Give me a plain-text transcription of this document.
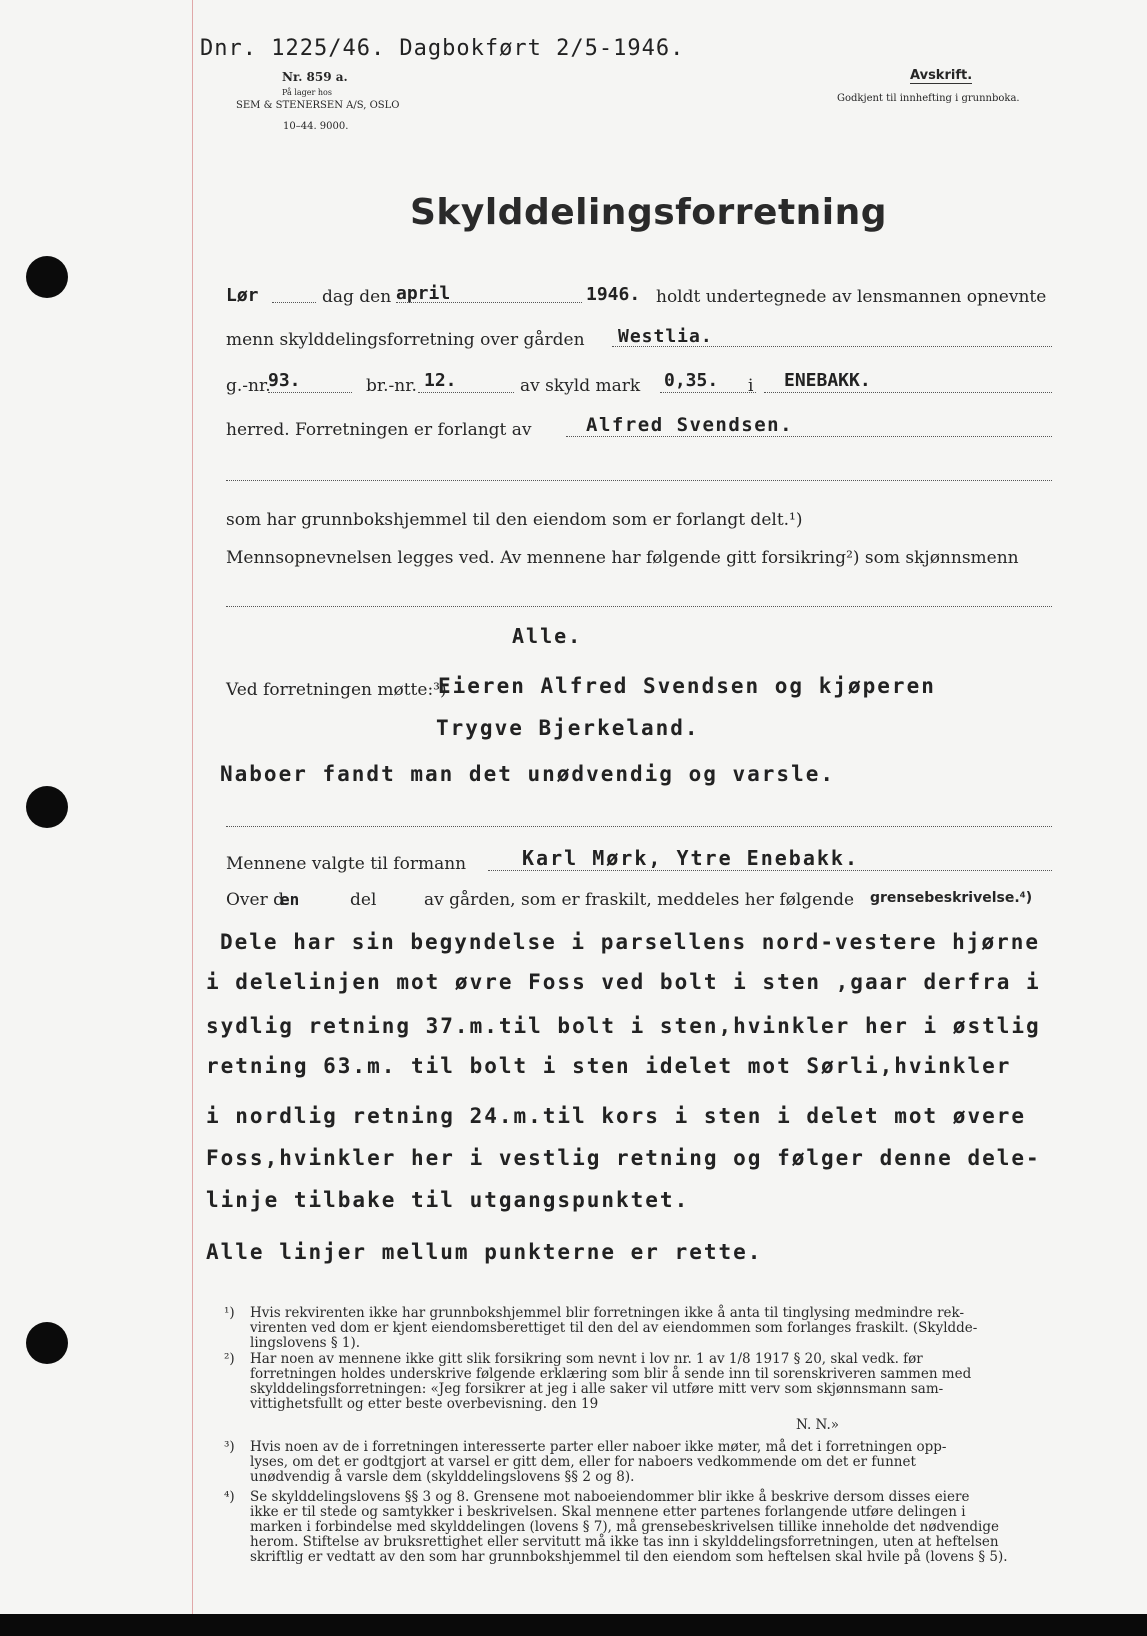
Dnr. 1225/46. Dagbokført 2/5-1946.
Nr. 859 a.
På lager hos
SEM & STENERSEN A/S, OSLO
10–44. 9000.
Avskrift.
Godkjent til innhefting i grunnboka.
Skylddelingsforretning
Lør	dag den april	1946. holdt undertegnede av lensmannen opnevnte
menn skylddelingsforretning over gården Westlia.
g.-nr.
93.	br.-nr. 12.	av skyld mark 0,35. i ENEBAKK.
herred. Forretningen er forlangt av	Alfred Svendsen.
som har grunnbokshjemmel til den eiendom som er forlangt delt.¹)
Mennsopnevnelsen legges ved. Av mennene har følgende gitt forsikring²) som skjønnsmenn
Alle.
Ved forretningen møtte:³)
Eieren Alfred Svendsen og kjøperen
Trygve Bjerkeland.
Naboer fandt man det unødvendig og varsle.
Mennene valgte til formann	Karl Mørk, Ytre Enebakk.
Over d
en	del	av gården, som er fraskilt, meddeles her følgende grensebeskrivelse.⁴)
Dele har sin begyndelse i parsellens nord-vestere hjørne
i delelinjen mot øvre Foss ved bolt i sten ,gaar derfra i
sydlig retning 37.m.til bolt i sten,hvinkler her i østlig
retning 63.m. til bolt i sten idelet mot Sørli,hvinkler
i nordlig retning 24.m.til kors i sten i delet mot øvere
Foss,hvinkler her i vestlig retning og følger denne dele-
linje tilbake til utgangspunktet.
Alle linjer mellum punkterne er rette.
¹) Hvis rekvirenten ikke har grunnbokshjemmel blir forretningen ikke å anta til tinglysing medmindre rek-
virenten ved dom er kjent eiendomsberettiget til den del av eiendommen som forlanges fraskilt. (Skyldde-
lingslovens § 1).
²) Har noen av mennene ikke gitt slik forsikring som nevnt i lov nr. 1 av 1/8 1917 § 20, skal vedk. før
forretningen holdes underskrive følgende erklæring som blir å sende inn til sorenskriveren sammen med
skylddelingsforretningen: «Jeg forsikrer at jeg i alle saker vil utføre mitt verv som skjønnsmann sam-
vittighetsfullt og etter beste overbevisning. den 19
N. N.»
³) Hvis noen av de i forretningen interesserte parter eller naboer ikke møter, må det i forretningen opp-
lyses, om det er godtgjort at varsel er gitt dem, eller for naboers vedkommende om det er funnet
unødvendig å varsle dem (skylddelingslovens §§ 2 og 8).
⁴) Se skylddelingslovens §§ 3 og 8. Grensene mot naboeiendommer blir ikke å beskrive dersom disses eiere
ikke er til stede og samtykker i beskrivelsen. Skal mennene etter partenes forlangende utføre delingen i
marken i forbindelse med skylddelingen (lovens § 7), må grensebeskrivelsen tillike inneholde det nødvendige
herom. Stiftelse av bruksrettighet eller servitutt må ikke tas inn i skylddelingsforretningen, uten at heftelsen
skriftlig er vedtatt av den som har grunnbokshjemmel til den eiendom som heftelsen skal hvile på (lovens § 5).
